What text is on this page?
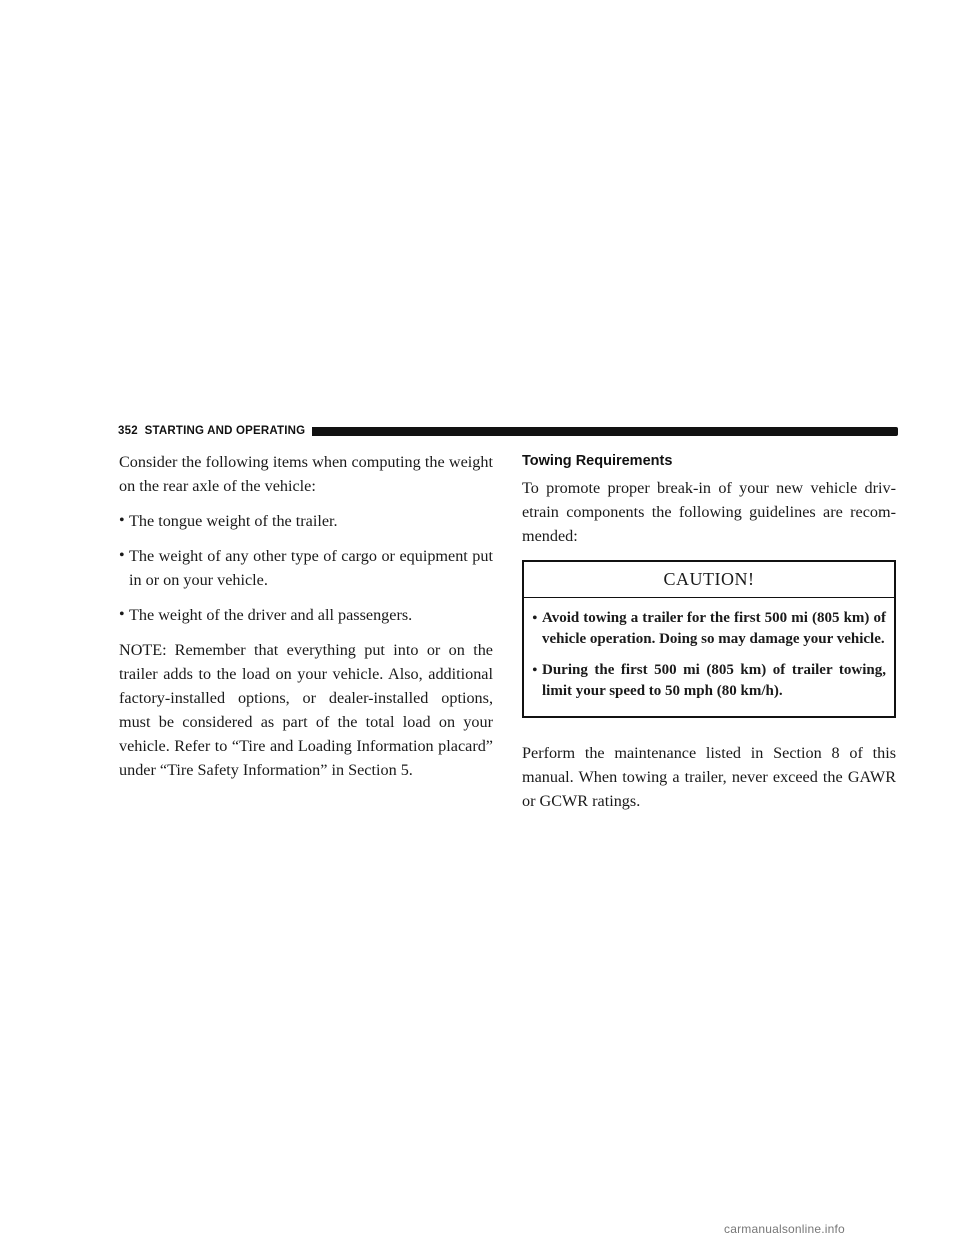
352 STARTING AND OPERATING

Consider the following items when computing the weight on the rear axle of the vehicle:

• The tongue weight of the trailer.
• The weight of any other type of cargo or equipment put in or on your vehicle.
• The weight of the driver and all passengers.

NOTE: Remember that everything put into or on the trailer adds to the load on your vehicle. Also, additional factory-installed options, or dealer-installed options, must be considered as part of the total load on your vehicle. Refer to “Tire and Loading Information placard” under “Tire Safety Information” in Section 5.

Towing Requirements

To promote proper break-in of your new vehicle driv- etrain components the following guidelines are recom- mended:

CAUTION!
• Avoid towing a trailer for the first 500 mi (805 km) of vehicle operation. Doing so may damage your vehicle.
• During the first 500 mi (805 km) of trailer towing, limit your speed to 50 mph (80 km/h).

Perform the maintenance listed in Section 8 of this manual. When towing a trailer, never exceed the GAWR or GCWR ratings.

carmanualsonline.info
